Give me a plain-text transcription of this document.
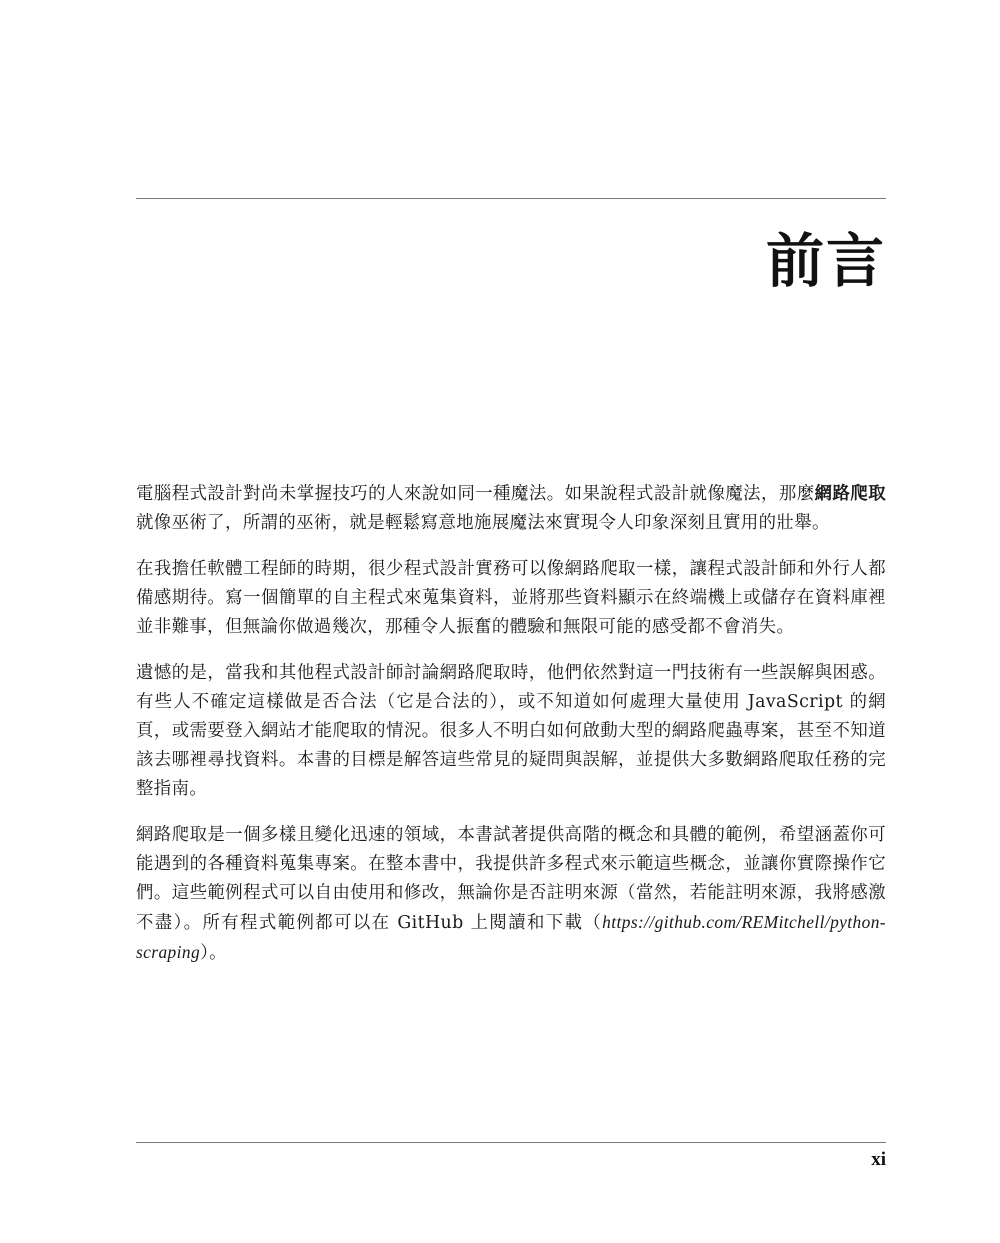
前言

電腦程式設計對尚未掌握技巧的人來說如同一種魔法。如果說程式設計就像魔法，那麼網路爬取就像巫術了，所謂的巫術，就是輕鬆寫意地施展魔法來實現令人印象深刻且實用的壯舉。

在我擔任軟體工程師的時期，很少程式設計實務可以像網路爬取一樣，讓程式設計師和外行人都備感期待。寫一個簡單的自主程式來蒐集資料，並將那些資料顯示在終端機上或儲存在資料庫裡並非難事，但無論你做過幾次，那種令人振奮的體驗和無限可能的感受都不會消失。

遺憾的是，當我和其他程式設計師討論網路爬取時，他們依然對這一門技術有一些誤解與困惑。有些人不確定這樣做是否合法（它是合法的），或不知道如何處理大量使用 JavaScript 的網頁，或需要登入網站才能爬取的情況。很多人不明白如何啟動大型的網路爬蟲專案，甚至不知道該去哪裡尋找資料。本書的目標是解答這些常見的疑問與誤解，並提供大多數網路爬取任務的完整指南。

網路爬取是一個多樣且變化迅速的領域，本書試著提供高階的概念和具體的範例，希望涵蓋你可能遇到的各種資料蒐集專案。在整本書中，我提供許多程式來示範這些概念，並讓你實際操作它們。這些範例程式可以自由使用和修改，無論你是否註明來源（當然，若能註明來源，我將感激不盡）。所有程式範例都可以在 GitHub 上閱讀和下載（https://github.com/REMitchell/python-scraping）。

xi
